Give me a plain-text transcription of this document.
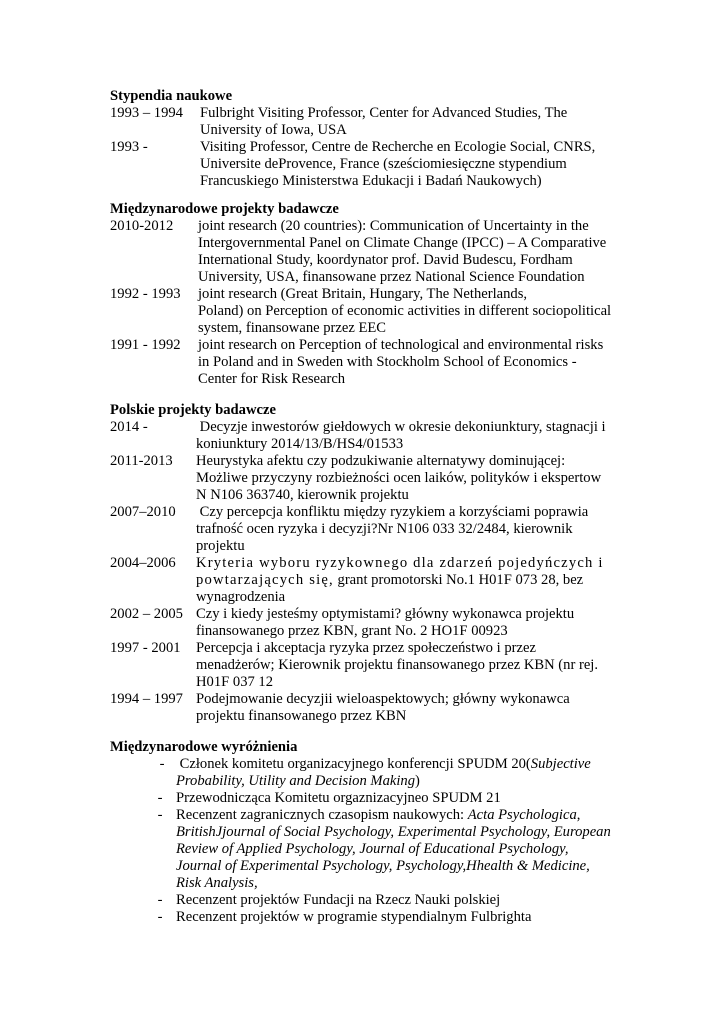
Stypendia naukowe
1993 – 1994	Fulbright Visiting Professor, Center for Advanced Studies, The
University of Iowa, USA
1993 -	Visiting Professor, Centre de Recherche en Ecologie Social, CNRS,
Universite deProvence, France (sześciomiesięczne stypendium
Francuskiego Ministerstwa Edukacji i Badań Naukowych)
Międzynarodowe projekty badawcze
2010-2012	joint research (20 countries): Communication of Uncertainty in the
Intergovernmental Panel on Climate Change (IPCC) – A Comparative
International Study, koordynator prof. David Budescu, Fordham
University, USA, finansowane przez National Science Foundation
1992 - 1993	joint research (Great Britain, Hungary, The Netherlands,
Poland) on Perception of economic activities in different sociopolitical
system, finansowane przez EEC
1991 - 1992	joint research on Perception of technological and environmental risks
in Poland and in Sweden with Stockholm School of Economics -
Center for Risk Research
Polskie projekty badawcze
2014 -	Decyzje inwestorów giełdowych w okresie dekoniunktury, stagnacji i
koniunktury 2014/13/B/HS4/01533
2011-2013	Heurystyka afektu czy podzukiwanie alternatywy dominującej:
Możliwe przyczyny rozbieżności ocen laików, polityków i ekspertow
N N106 363740, kierownik projektu
2007–2010	Czy percepcja konfliktu między ryzykiem a korzyściami poprawia
trafność ocen ryzyka i decyzji?Nr N106 033 32/2484, kierownik
projektu
2004–2006	Kryteria wyboru ryzykownego dla zdarzeń pojedyńczych i
powtarzających się, grant promotorski No.1 H01F 073 28, bez
wynagrodzenia
2002 – 2005 Czy i kiedy jesteśmy optymistami? główny wykonawca projektu
finansowanego przez KBN, grant No. 2 HO1F 00923
1997 - 2001	Percepcja i akceptacja ryzyka przez społeczeństwo i przez
menadżerów; Kierownik projektu finansowanego przez KBN (nr rej.
H01F 037 12
1994 – 1997 Podejmowanie decyzjii wieloaspektowych; główny wykonawca
projektu finansowanego przez KBN
Międzynarodowe wyróżnienia
- Członek komitetu organizacyjnego konferencji SPUDM 20(Subjective
Probability, Utility and Decision Making)
- Przewodnicząca Komitetu orgaznizacyjneo SPUDM 21
- Recenzent zagranicznych czasopism naukowych: Acta Psychologica,
BritishJjournal of Social Psychology, Experimental Psychology, European
Review of Applied Psychology, Journal of Educational Psychology,
Journal of Experimental Psychology, Psychology,Hhealth & Medicine,
Risk Analysis,
- Recenzent projektów Fundacji na Rzecz Nauki polskiej
- Recenzent projektów w programie stypendialnym Fulbrighta
